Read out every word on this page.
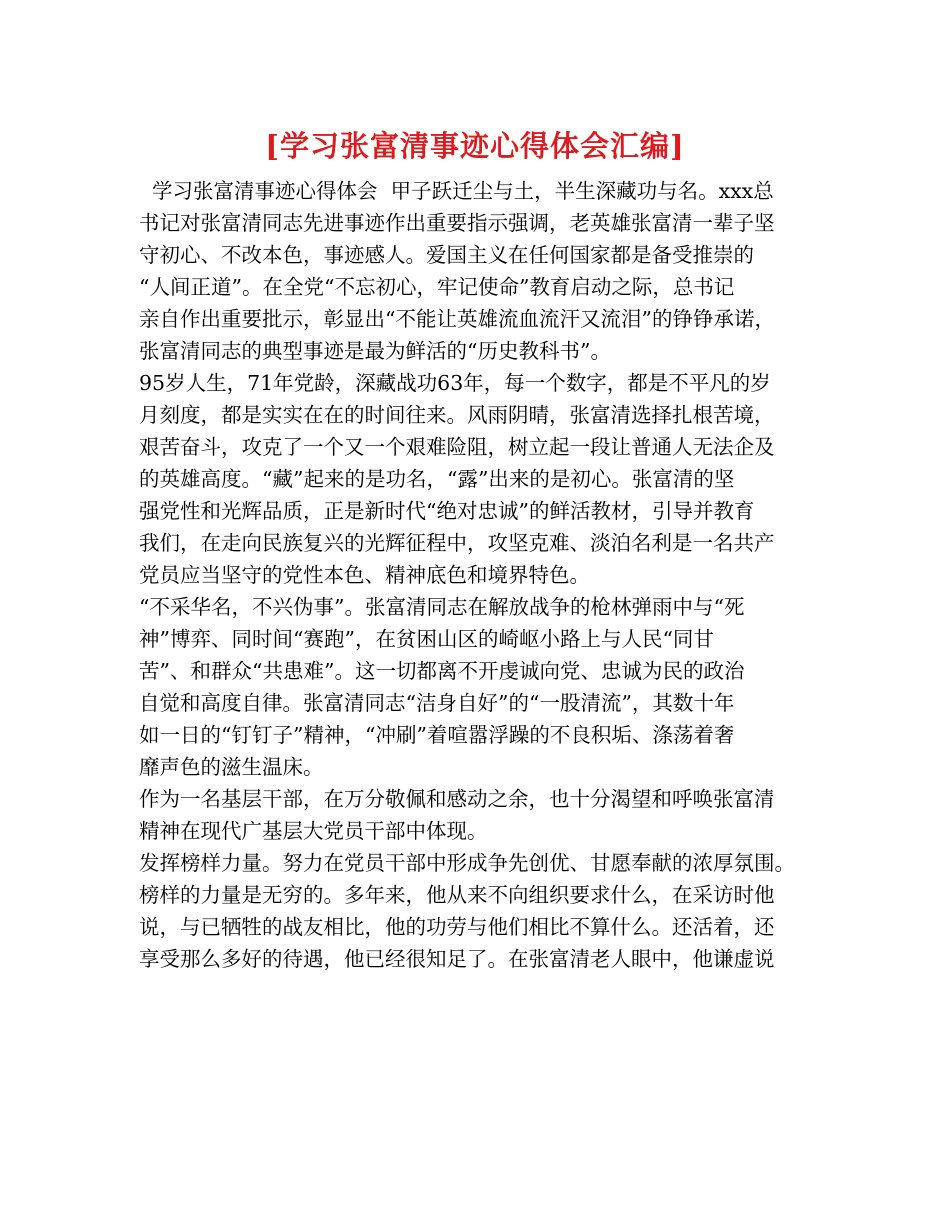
[学习张富清事迹心得体会汇编]
学习张富清事迹心得体会  甲子跃迁尘与土，半生深藏功与名。xxx总
书记对张富清同志先进事迹作出重要指示强调，老英雄张富清一辈子坚
守初心、不改本色，事迹感人。爱国主义在任何国家都是备受推崇的
“人间正道”。在全党“不忘初心，牢记使命”教育启动之际，总书记
亲自作出重要批示，彰显出“不能让英雄流血流汗又流泪”的铮铮承诺，
张富清同志的典型事迹是最为鲜活的“历史教科书”。
95岁人生，71年党龄，深藏战功63年，每一个数字，都是不平凡的岁
月刻度，都是实实在在的时间往来。风雨阴晴，张富清选择扎根苦境，
艰苦奋斗，攻克了一个又一个艰难险阻，树立起一段让普通人无法企及
的英雄高度。“藏”起来的是功名，“露”出来的是初心。张富清的坚
强党性和光辉品质，正是新时代“绝对忠诚”的鲜活教材，引导并教育
我们，在走向民族复兴的光辉征程中，攻坚克难、淡泊名利是一名共产
党员应当坚守的党性本色、精神底色和境界特色。
“不采华名，不兴伪事”。张富清同志在解放战争的枪林弹雨中与“死
神”博弈、同时间“赛跑”，在贫困山区的崎岖小路上与人民“同甘
苦”、和群众“共患难”。这一切都离不开虔诚向党、忠诚为民的政治
自觉和高度自律。张富清同志“洁身自好”的“一股清流”，其数十年
如一日的“钉钉子”精神，“冲刷”着喧嚣浮躁的不良积垢、涤荡着奢
靡声色的滋生温床。
作为一名基层干部，在万分敬佩和感动之余，也十分渴望和呼唤张富清
精神在现代广基层大党员干部中体现。
发挥榜样力量。努力在党员干部中形成争先创优、甘愿奉献的浓厚氛围。
榜样的力量是无穷的。多年来，他从来不向组织要求什么，在采访时他
说，与已牺牲的战友相比，他的功劳与他们相比不算什么。还活着，还
享受那么多好的待遇，他已经很知足了。在张富清老人眼中，他谦虚说
